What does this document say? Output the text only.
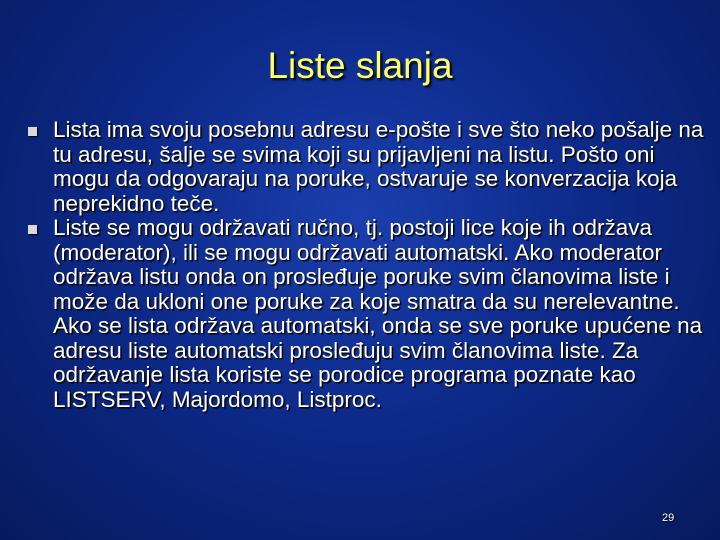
Liste slanja
Lista ima svoju posebnu adresu e-pošte i sve što neko pošalje na tu adresu, šalje se svima koji su prijavljeni na listu. Pošto oni mogu da odgovaraju na poruke, ostvaruje se konverzacija koja neprekidno teče.
Liste se mogu održavati ručno, tj. postoji lice koje ih održava (moderator), ili se mogu održavati automatski. Ako moderator održava listu onda on prosleđuje poruke svim članovima liste i može da ukloni one poruke za koje smatra da su nerelevantne. Ako se lista održava automatski, onda se sve poruke upućene na adresu liste automatski prosleđuju svim članovima liste. Za održavanje lista koriste se porodice programa poznate kao LISTSERV, Majordomo, Listproc.
29
